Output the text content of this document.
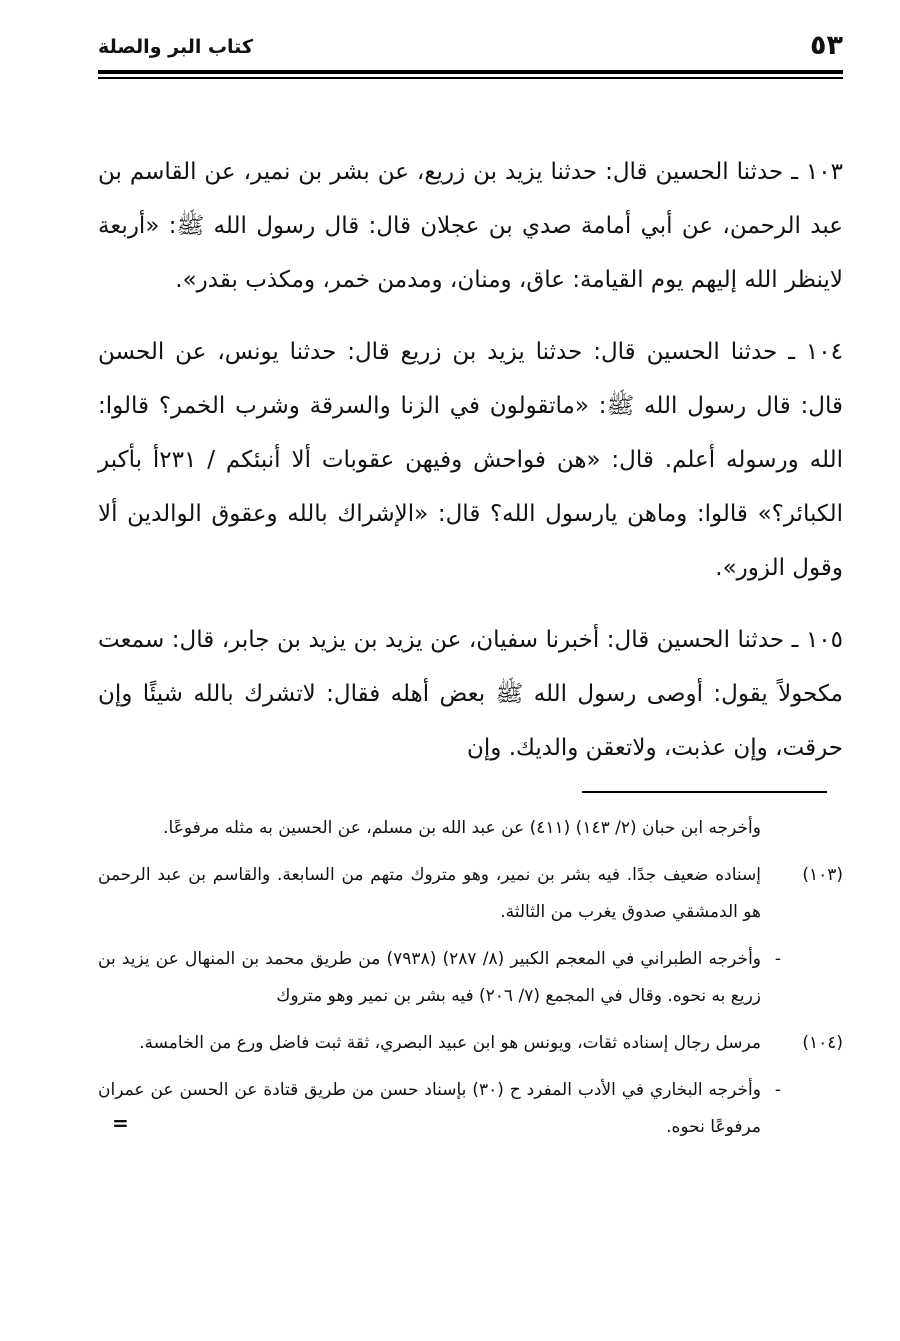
كتاب البر والصلة	٥٣

١٠٣ ـ حدثنا الحسين قال: حدثنا يزيد بن زريع، عن بشر بن نمير، عن القاسم بن عبد الرحمن، عن أبي أمامة صدي بن عجلان قال: قال رسول الله ﷺ: «أربعة لاينظر الله إليهم يوم القيامة: عاق، ومنان، ومدمن خمر، ومكذب بقدر».

١٠٤ ـ حدثنا الحسين قال: حدثنا يزيد بن زريع قال: حدثنا يونس، عن الحسن قال: قال رسول الله ﷺ: «ماتقولون في الزنا والسرقة وشرب الخمر؟ قالوا: الله ورسوله أعلم. قال: «هن فواحش وفيهن عقوبات ألا أنبئكم / ٢٣١أ بأكبر الكبائر؟» قالوا: وماهن يارسول الله؟ قال: «الإشراك بالله وعقوق الوالدين ألا وقول الزور».

١٠٥ ـ حدثنا الحسين قال: أخبرنا سفيان، عن يزيد بن يزيد بن جابر، قال: سمعت مكحولاً يقول: أوصى رسول الله ﷺ بعض أهله فقال: لاتشرك بالله شيئًا وإن حرقت، وإن عذبت، ولاتعقن والديك. وإن

وأخرجه ابن حبان (٢/ ١٤٣) (٤١١) عن عبد الله بن مسلم، عن الحسين به مثله مرفوعًا.
(١٠٣)
إسناده ضعيف جدًا. فيه بشر بن نمير، وهو متروك متهم من السابعة. والقاسم بن عبد الرحمن هو الدمشقي صدوق يغرب من الثالثة.
-
وأخرجه الطبراني في المعجم الكبير (٨/ ٢٨٧) (٧٩٣٨) من طريق محمد بن المنهال عن يزيد بن زريع به نحوه. وقال في المجمع (٧/ ٢٠٦) فيه بشر بن نمير وهو متروك
(١٠٤)
مرسل رجال إسناده ثقات، ويونس هو ابن عبيد البصري، ثقة ثبت فاضل ورع من الخامسة.
-
وأخرجه البخاري في الأدب المفرد ح (٣٠) بإسناد حسن من طريق قتادة عن الحسن عن عمران مرفوعًا نحوه.
=
